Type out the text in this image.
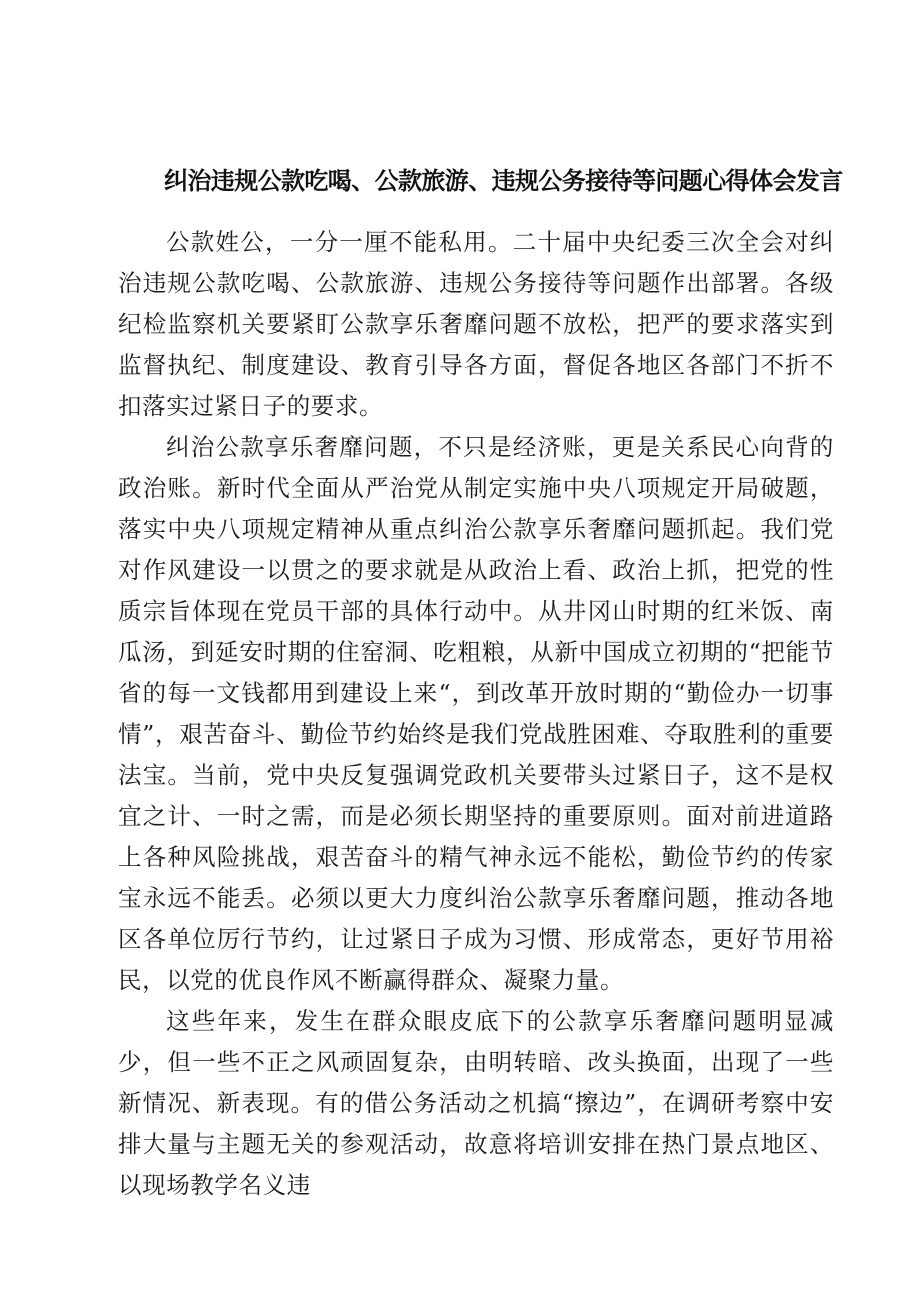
纠治违规公款吃喝、公款旅游、违规公务接待等问题心得体会发言

公款姓公，一分一厘不能私用。二十届中央纪委三次全会对纠治违规公款吃喝、公款旅游、违规公务接待等问题作出部署。各级纪检监察机关要紧盯公款享乐奢靡问题不放松，把严的要求落实到监督执纪、制度建设、教育引导各方面，督促各地区各部门不折不扣落实过紧日子的要求。

纠治公款享乐奢靡问题，不只是经济账，更是关系民心向背的政治账。新时代全面从严治党从制定实施中央八项规定开局破题，落实中央八项规定精神从重点纠治公款享乐奢靡问题抓起。我们党对作风建设一以贯之的要求就是从政治上看、政治上抓，把党的性质宗旨体现在党员干部的具体行动中。从井冈山时期的红米饭、南瓜汤，到延安时期的住窑洞、吃粗粮，从新中国成立初期的“把能节省的每一文钱都用到建设上来“，到改革开放时期的“勤俭办一切事情”，艰苦奋斗、勤俭节约始终是我们党战胜困难、夺取胜利的重要法宝。当前，党中央反复强调党政机关要带头过紧日子，这不是权宜之计、一时之需，而是必须长期坚持的重要原则。面对前进道路上各种风险挑战，艰苦奋斗的精气神永远不能松，勤俭节约的传家宝永远不能丢。必须以更大力度纠治公款享乐奢靡问题，推动各地区各单位厉行节约，让过紧日子成为习惯、形成常态，更好节用裕民，以党的优良作风不断赢得群众、凝聚力量。

这些年来，发生在群众眼皮底下的公款享乐奢靡问题明显减少，但一些不正之风顽固复杂，由明转暗、改头换面，出现了一些新情况、新表现。有的借公务活动之机搞“擦边”，在调研考察中安排大量与主题无关的参观活动，故意将培训安排在热门景点地区、以现场教学名义违
